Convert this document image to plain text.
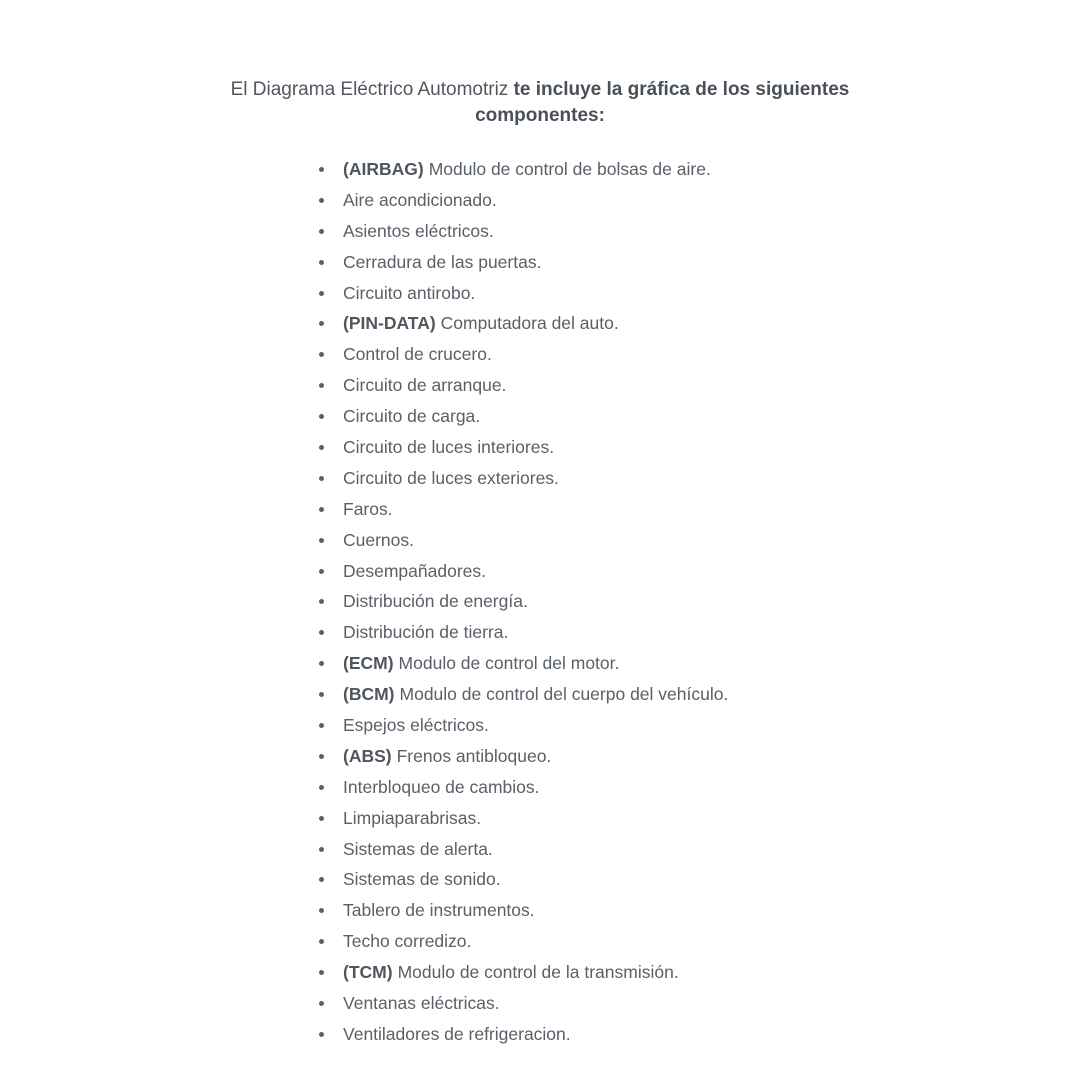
El Diagrama Eléctrico Automotriz te incluye la gráfica de los siguientes componentes:
(AIRBAG) Modulo de control de bolsas de aire.
Aire acondicionado.
Asientos eléctricos.
Cerradura de las puertas.
Circuito antirobo.
(PIN-DATA) Computadora del auto.
Control de crucero.
Circuito de arranque.
Circuito de carga.
Circuito de luces interiores.
Circuito de luces exteriores.
Faros.
Cuernos.
Desempañadores.
Distribución de energía.
Distribución de tierra.
(ECM) Modulo de control del motor.
(BCM) Modulo de control del cuerpo del vehículo.
Espejos eléctricos.
(ABS) Frenos antibloqueo.
Interbloqueo de cambios.
Limpiaparabrisas.
Sistemas de alerta.
Sistemas de sonido.
Tablero de instrumentos.
Techo corredizo.
(TCM) Modulo de control de la transmisión.
Ventanas eléctricas.
Ventiladores de refrigeracion.
